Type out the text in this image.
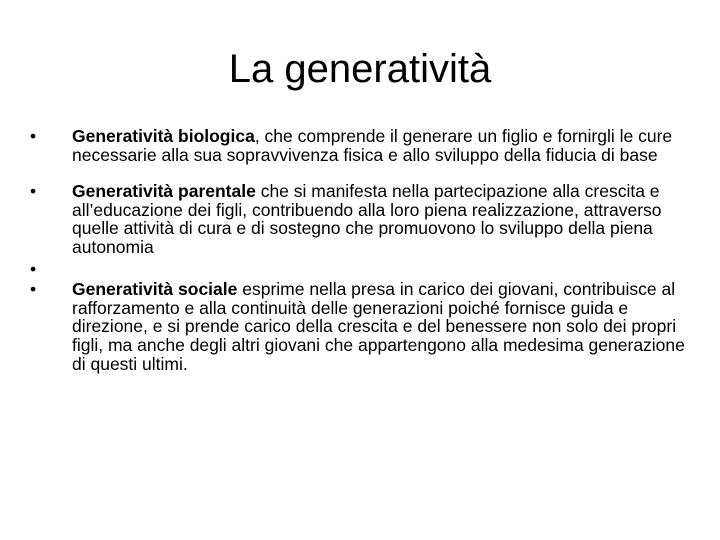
La generatività
•	Generatività biologica, che comprende il generare un figlio e fornirgli le cure necessarie alla sua sopravvivenza fisica e allo sviluppo della fiducia di base
•	Generatività parentale che si manifesta nella partecipazione alla crescita e all’educazione dei figli, contribuendo alla loro piena realizzazione, attraverso quelle attività di cura e di sostegno che promuovono lo sviluppo della piena autonomia
•
•	Generatività sociale esprime nella presa in carico dei giovani, contribuisce al rafforzamento e alla continuità delle generazioni poiché fornisce guida e direzione, e si prende carico della crescita e del benessere non solo dei propri figli, ma anche degli altri giovani che appartengono alla medesima generazione di questi ultimi.
